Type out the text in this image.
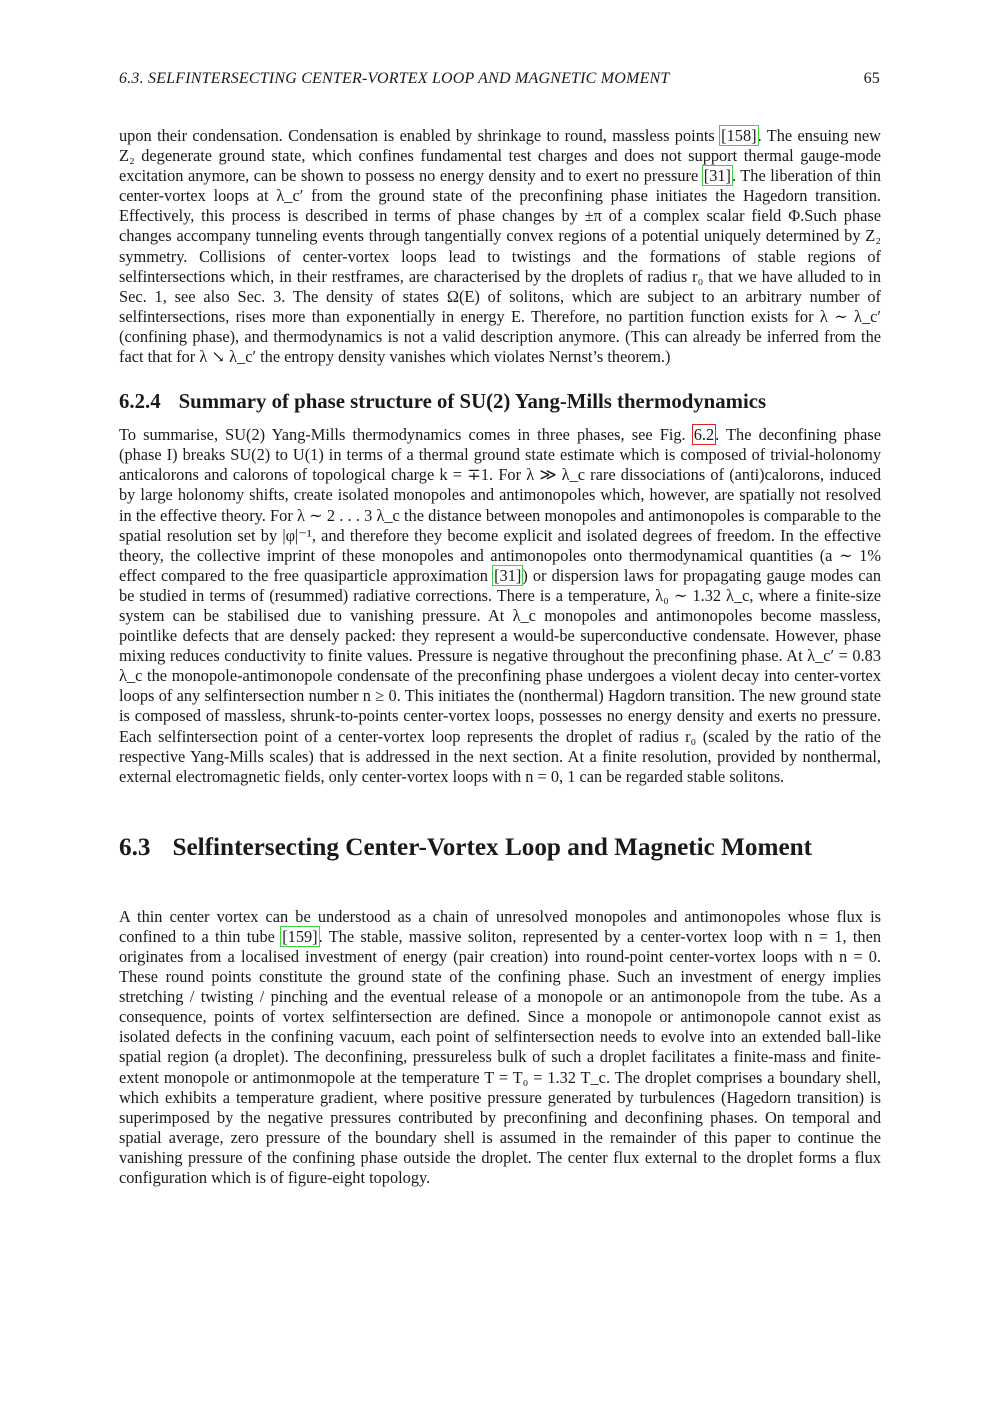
6.3. SELFINTERSECTING CENTER-VORTEX LOOP AND MAGNETIC MOMENT	65

upon their condensation. Condensation is enabled by shrinkage to round, massless points [158]. The ensuing new Z₂ degenerate ground state, which confines fundamental test charges and does not support thermal gauge-mode excitation anymore, can be shown to possess no energy density and to exert no pressure [31]. The liberation of thin center-vortex loops at λ_c′ from the ground state of the preconfining phase initiates the Hagedorn transition. Effectively, this process is described in terms of phase changes by ±π of a complex scalar field Φ.Such phase changes accompany tunneling events through tangentially convex regions of a potential uniquely determined by Z₂ symmetry. Collisions of center-vortex loops lead to twistings and the formations of stable regions of selfintersections which, in their restframes, are characterised by the droplets of radius r₀ that we have alluded to in Sec. 1, see also Sec. 3. The density of states Ω(E) of solitons, which are subject to an arbitrary number of selfintersections, rises more than exponentially in energy E. Therefore, no partition function exists for λ ∼ λ_c′ (confining phase), and thermodynamics is not a valid description anymore. (This can already be inferred from the fact that for λ ↘ λ_c′ the entropy density vanishes which violates Nernst’s theorem.)

6.2.4 Summary of phase structure of SU(2) Yang-Mills thermodynamics

To summarise, SU(2) Yang-Mills thermodynamics comes in three phases, see Fig. 6.2. The deconfining phase (phase I) breaks SU(2) to U(1) in terms of a thermal ground state estimate which is composed of trivial-holonomy anticalorons and calorons of topological charge k = ∓1. For λ ≫ λ_c rare dissociations of (anti)calorons, induced by large holonomy shifts, create isolated monopoles and antimonopoles which, however, are spatially not resolved in the effective theory. For λ ∼ 2 . . . 3 λ_c the distance between monopoles and antimonopoles is comparable to the spatial resolution set by |φ|⁻¹, and therefore they become explicit and isolated degrees of freedom. In the effective theory, the collective imprint of these monopoles and antimonopoles onto thermodynamical quantities (a ∼ 1% effect compared to the free quasiparticle approximation [31]) or dispersion laws for propagating gauge modes can be studied in terms of (resummed) radiative corrections. There is a temperature, λ₀ ∼ 1.32 λ_c, where a finite-size system can be stabilised due to vanishing pressure. At λ_c monopoles and antimonopoles become massless, pointlike defects that are densely packed: they represent a would-be superconductive condensate. However, phase mixing reduces conductivity to finite values. Pressure is negative throughout the preconfining phase. At λ_c′ = 0.83 λ_c the monopole-antimonopole condensate of the preconfining phase undergoes a violent decay into center-vortex loops of any selfintersection number n ≥ 0. This initiates the (nonthermal) Hagdorn transition. The new ground state is composed of massless, shrunk-to-points center-vortex loops, possesses no energy density and exerts no pressure. Each selfintersection point of a center-vortex loop represents the droplet of radius r₀ (scaled by the ratio of the respective Yang-Mills scales) that is addressed in the next section. At a finite resolution, provided by nonthermal, external electromagnetic fields, only center-vortex loops with n = 0, 1 can be regarded stable solitons.

6.3 Selfintersecting Center-Vortex Loop and Magnetic Moment

A thin center vortex can be understood as a chain of unresolved monopoles and antimonopoles whose flux is confined to a thin tube [159]. The stable, massive soliton, represented by a center-vortex loop with n = 1, then originates from a localised investment of energy (pair creation) into round-point center-vortex loops with n = 0. These round points constitute the ground state of the confining phase. Such an investment of energy implies stretching / twisting / pinching and the eventual release of a monopole or an antimonopole from the tube. As a consequence, points of vortex selfintersection are defined. Since a monopole or antimonopole cannot exist as isolated defects in the confining vacuum, each point of selfintersection needs to evolve into an extended ball-like spatial region (a droplet). The deconfining, pressureless bulk of such a droplet facilitates a finite-mass and finite-extent monopole or antimonmopole at the temperature T = T₀ = 1.32 T_c. The droplet comprises a boundary shell, which exhibits a temperature gradient, where positive pressure generated by turbulences (Hagedorn transition) is superimposed by the negative pressures contributed by preconfining and deconfining phases. On temporal and spatial average, zero pressure of the boundary shell is assumed in the remainder of this paper to continue the vanishing pressure of the confining phase outside the droplet. The center flux external to the droplet forms a flux configuration which is of figure-eight topology.
